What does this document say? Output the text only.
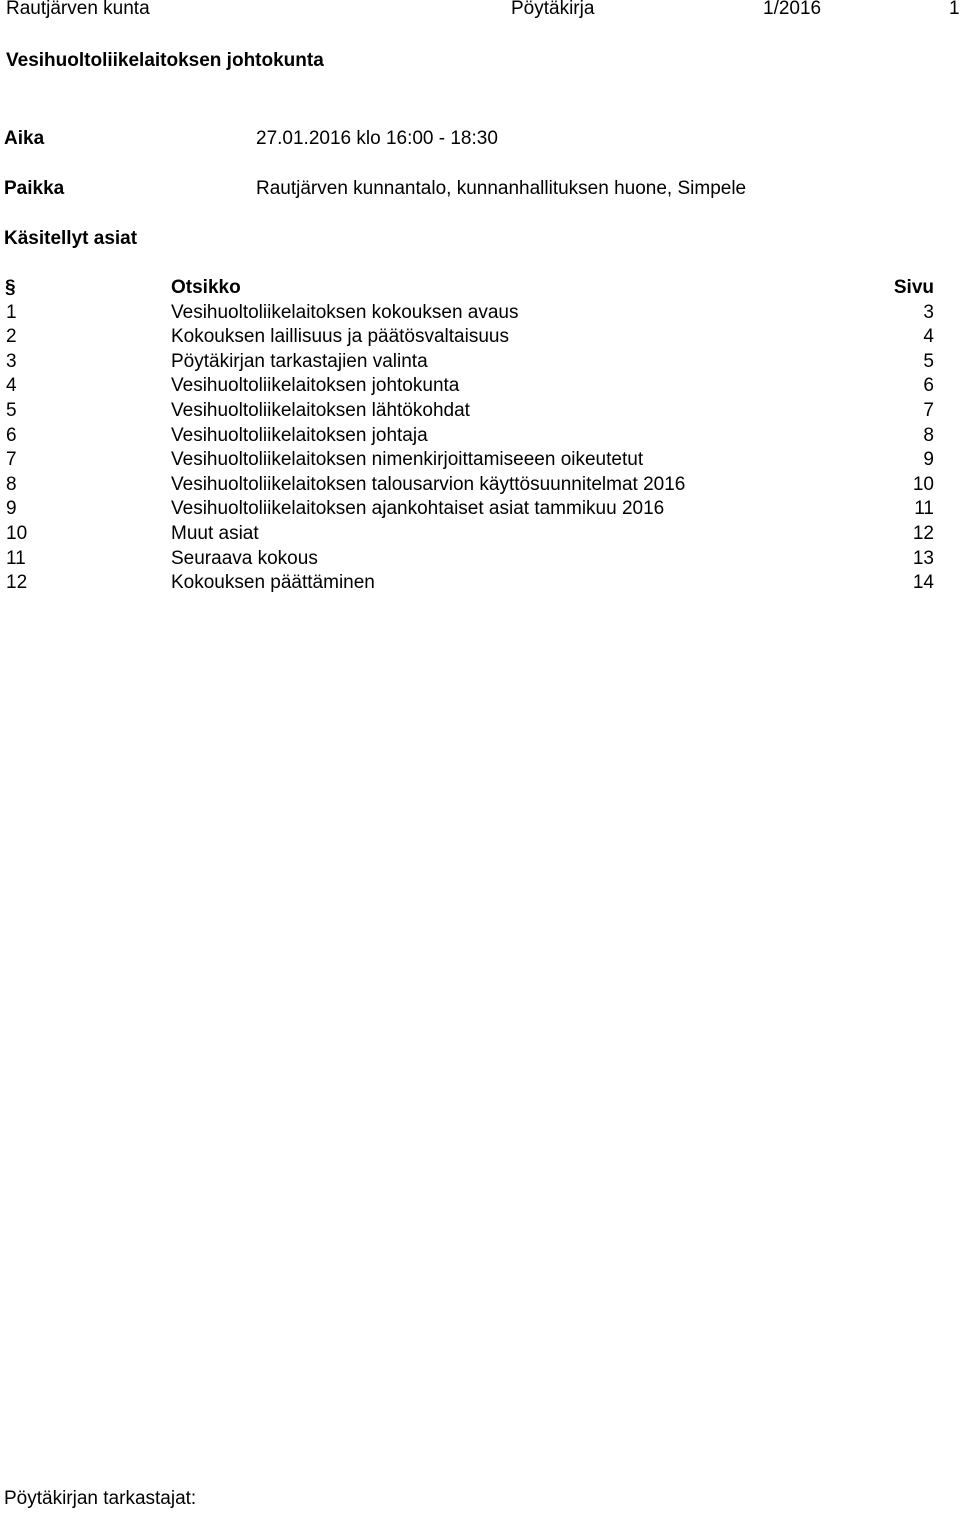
Rautjärven kunta	Pöytäkirja	1/2016	1
Vesihuoltoliikelaitoksen johtokunta
Aika	27.01.2016 klo 16:00 - 18:30
Paikka	Rautjärven kunnantalo, kunnanhallituksen huone, Simpele
Käsitellyt asiat
§	Otsikko	Sivu
1	Vesihuoltoliikelaitoksen kokouksen avaus	3
2	Kokouksen laillisuus ja päätösvaltaisuus	4
3	Pöytäkirjan tarkastajien valinta	5
4	Vesihuoltoliikelaitoksen johtokunta	6
5	Vesihuoltoliikelaitoksen lähtökohdat	7
6	Vesihuoltoliikelaitoksen johtaja	8
7	Vesihuoltoliikelaitoksen nimenkirjoittamiseeen oikeutetut	9
8	Vesihuoltoliikelaitoksen talousarvion käyttösuunnitelmat 2016	10
9	Vesihuoltoliikelaitoksen ajankohtaiset asiat tammikuu 2016	11
10	Muut asiat	12
11	Seuraava kokous	13
12	Kokouksen päättäminen	14
Pöytäkirjan tarkastajat:
